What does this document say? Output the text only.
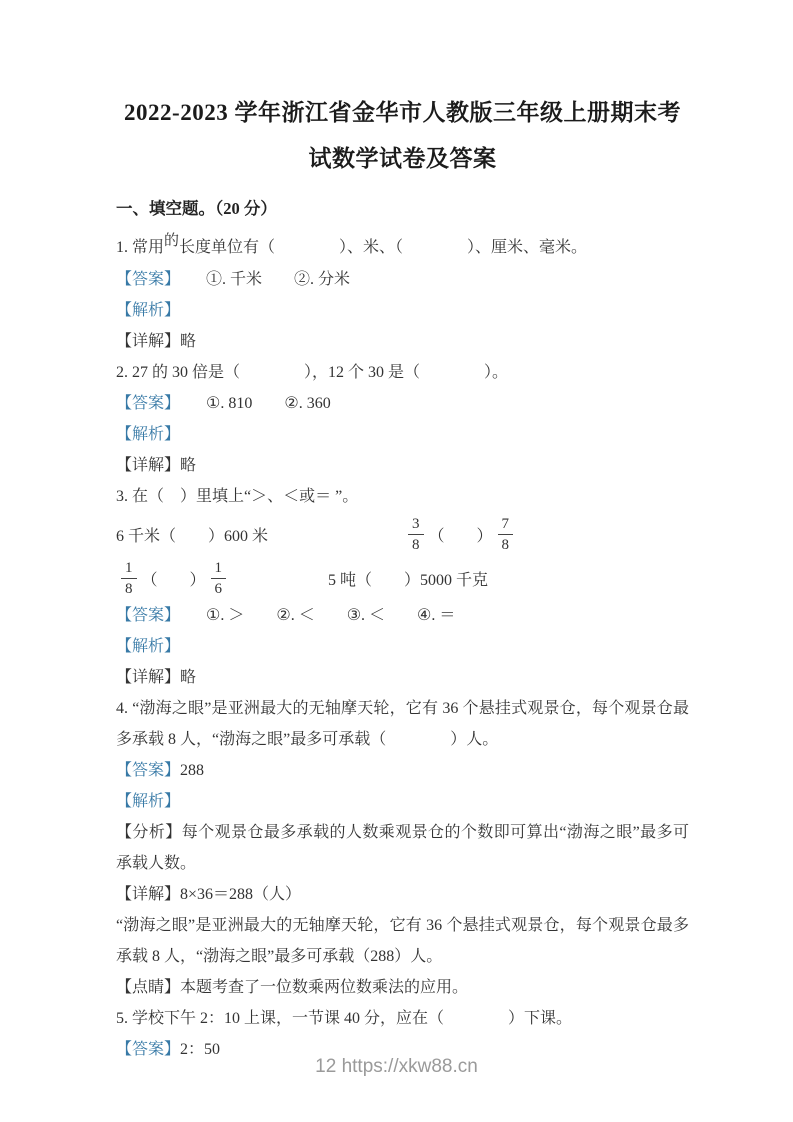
2022-2023 学年浙江省金华市人教版三年级上册期末考试数学试卷及答案
一、填空题。（20 分）

1. 常用的长度单位有（　　　　）、米、（　　　　）、厘米、毫米。

【答案】 ①. 千米　　②. 分米

【解析】

【详解】略

2. 27 的 30 倍是（　　　　），12 个 30 是（　　　　）。

【答案】 ①. 810　　②. 360

【解析】

【详解】略

3. 在（　）里填上“＞、＜或＝ ”。

6 千米（　　）600 米	$\frac{3}{8}$ （　　） $\frac{7}{8}$
$\frac{1}{8}$ （　　） $\frac{1}{6}$	5 吨（　　）5000 千克

【答案】 ①. ＞　　②. ＜　　③. ＜　　④. ＝

【解析】

【详解】略

4. “渤海之眼”是亚洲最大的无轴摩天轮，它有 36 个悬挂式观景仓，每个观景仓最多承载 8 人，“渤海之眼”最多可承载（　　　　）人。

【答案】288

【解析】

【分析】每个观景仓最多承载的人数乘观景仓的个数即可算出“渤海之眼”最多可承载人数。

【详解】8×36＝288（人）

“渤海之眼”是亚洲最大的无轴摩天轮，它有 36 个悬挂式观景仓，每个观景仓最多承载 8 人，“渤海之眼”最多可承载（288）人。

【点睛】本题考查了一位数乘两位数乘法的应用。

5. 学校下午 2：10 上课，一节课 40 分，应在（　　　　）下课。

【答案】2：50

12 https://xkw88.cn
